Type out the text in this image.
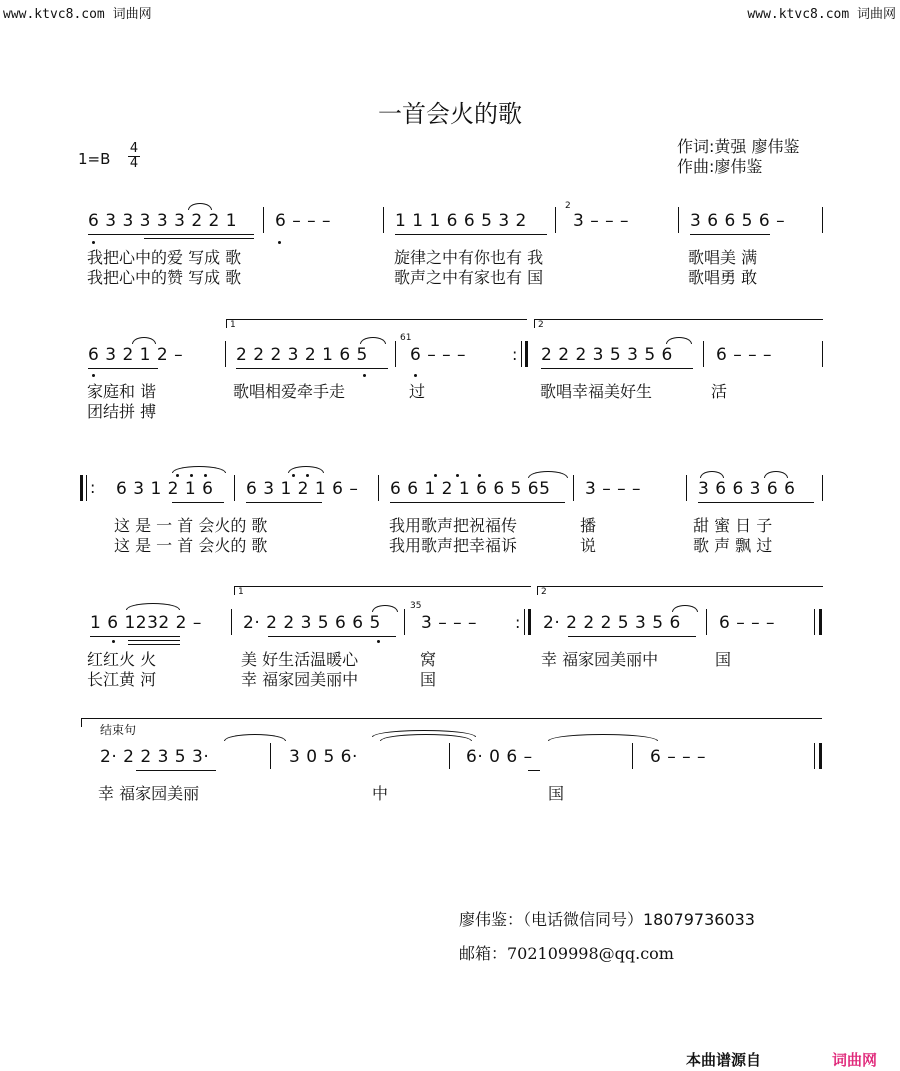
www.ktvc8.com 词曲网	www.ktvc8.com 词曲网
一首会火的歌
作词:黄强 廖伟鉴
作曲:廖伟鉴
1=B
4
4
6 3 3 3 3 3 2 2 1 6 – – –	1 1 1 6 6 5 3 2
2
3 – – –	3 6 6 5 6 –
我把心中的爱 写成 歌	旋律之中有你也有 我	歌唱美 满
我把心中的赞 写成 歌	歌声之中有家也有 国	歌唱勇 敢
1	2
6 3 2 1 2 –	2 2 2 3 2 1 6 5
61
6 – – –	: 2 2 2 3 5 3 5 6	6 – – –
家庭和 谐	歌唱相爱牵手走	过	歌唱幸福美好生	活
团结拼 搏
: 6 3 1 2 1 6 6 3 1 2 1 6 – 6 6 1 2 1 6 6 5 65 3 – – –	3 6 6 3 6 6
这 是 一 首 会火的 歌	我用歌声把祝福传	播	甜 蜜 日 子
这 是 一 首 会火的 歌	我用歌声把幸福诉	说	歌 声 飘 过
1	2
1 6 1232 2 – 2· 2 2 3 5 6 6 5
35
3 – – – : 2· 2 2 2 5 3 5 6 6 – – –
红红火 火	美 好生活温暖心	窝	幸 福家园美丽中	国
长江黄 河	幸 福家园美丽中	国
结束句
2· 2 2 3 5 3·	3 0 5 6·	6· 0 6 –	6 – – –
幸 福家园美丽	中	国
廖伟鉴：（电话微信同号）18079736033
邮箱：702109998@qq.com
本曲谱源自	词曲网
